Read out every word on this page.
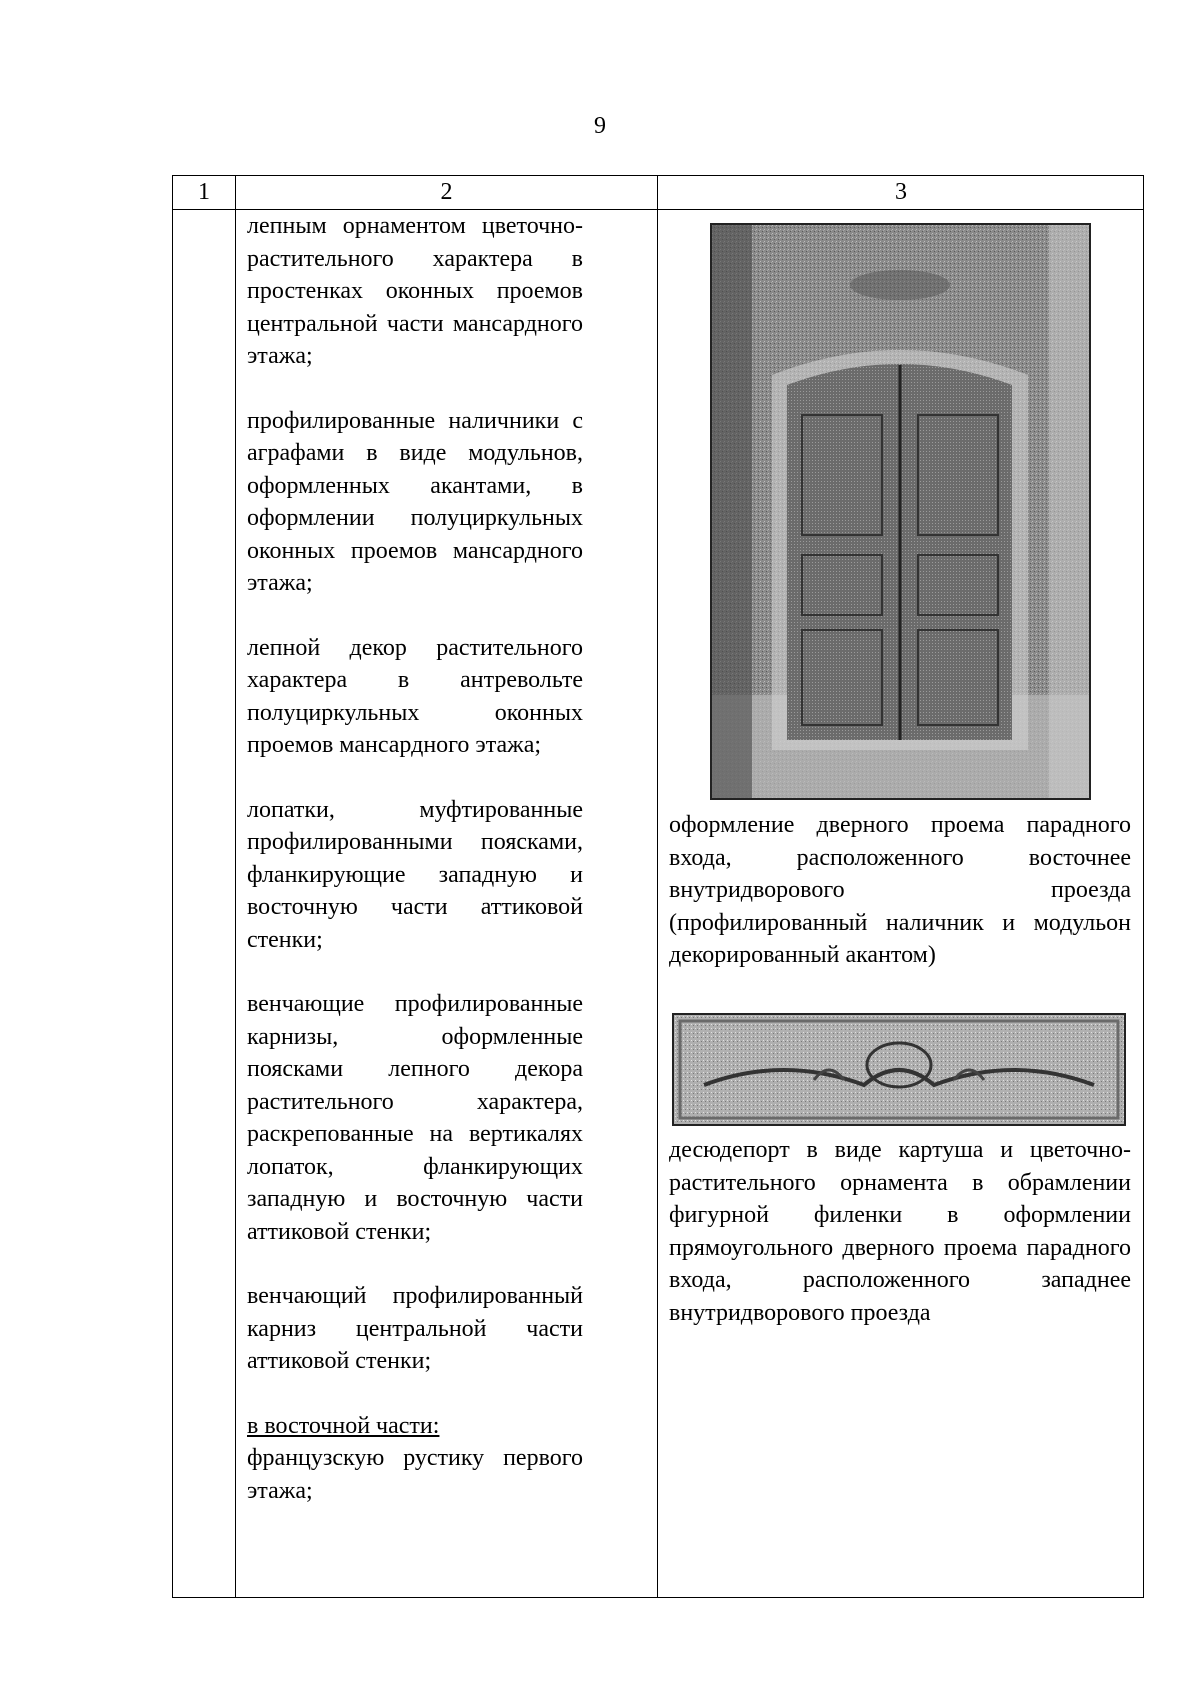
9
1	2	3

лепным орнаментом цветочно-растительного характера в простенках оконных проемов центральной части мансардного этажа;

профилированные наличники с аграфами в виде модульнов, оформленных акантами, в оформлении полуциркульных оконных проемов мансардного этажа;

лепной декор растительного характера в антревольте полуциркульных оконных проемов мансардного этажа;

лопатки, муфтированные профилированными поясками, фланкирующие западную и восточную части аттиковой стенки;

венчающие профилированные карнизы, оформленные поясками лепного декора растительного характера, раскрепованные на вертикалях лопаток, фланкирующих западную и восточную части аттиковой стенки;

венчающий профилированный карниз центральной части аттиковой стенки;

в восточной части:

французскую рустику первого этажа;

оформление дверного проема парадного входа, расположенного восточнее внутридворового проезда (профилированный наличник и модульон декорированный акантом)

десюдепорт в виде картуша и цветочно-растительного орнамента в обрамлении фигурной филенки в оформлении прямоугольного дверного проема парадного входа, расположенного западнее внутридворового проезда
